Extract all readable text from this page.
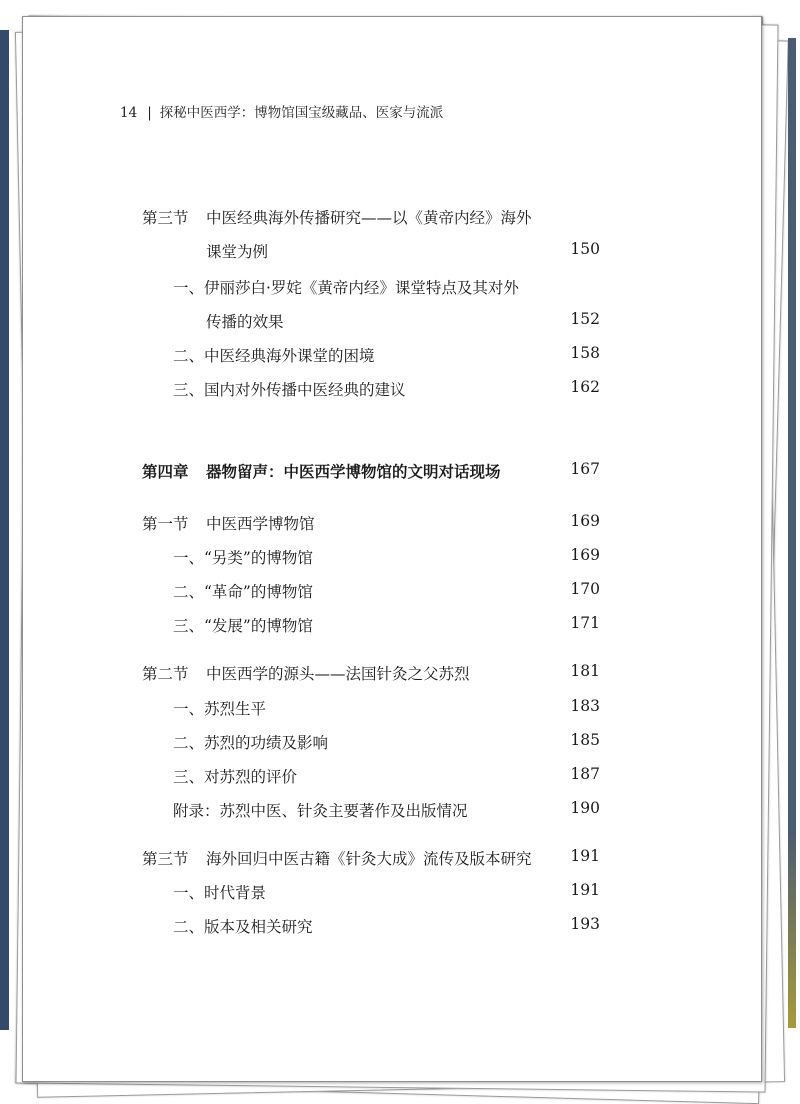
14 | 探秘中医西学：博物馆国宝级藏品、医家与流派
第三节 中医经典海外传播研究——以《黄帝内经》海外
课堂为例	150
一、伊丽莎白·罗姹《黄帝内经》课堂特点及其对外
传播的效果	152
二、中医经典海外课堂的困境	158
三、国内对外传播中医经典的建议	162
第四章 器物留声：中医西学博物馆的文明对话现场	167
第一节 中医西学博物馆	169
一、“另类”的博物馆	169
二、“革命”的博物馆	170
三、“发展”的博物馆	171
第二节 中医西学的源头——法国针灸之父苏烈	181
一、苏烈生平	183
二、苏烈的功绩及影响	185
三、对苏烈的评价	187
附录：苏烈中医、针灸主要著作及出版情况	190
第三节 海外回归中医古籍《针灸大成》流传及版本研究	191
一、时代背景	191
二、版本及相关研究	193
